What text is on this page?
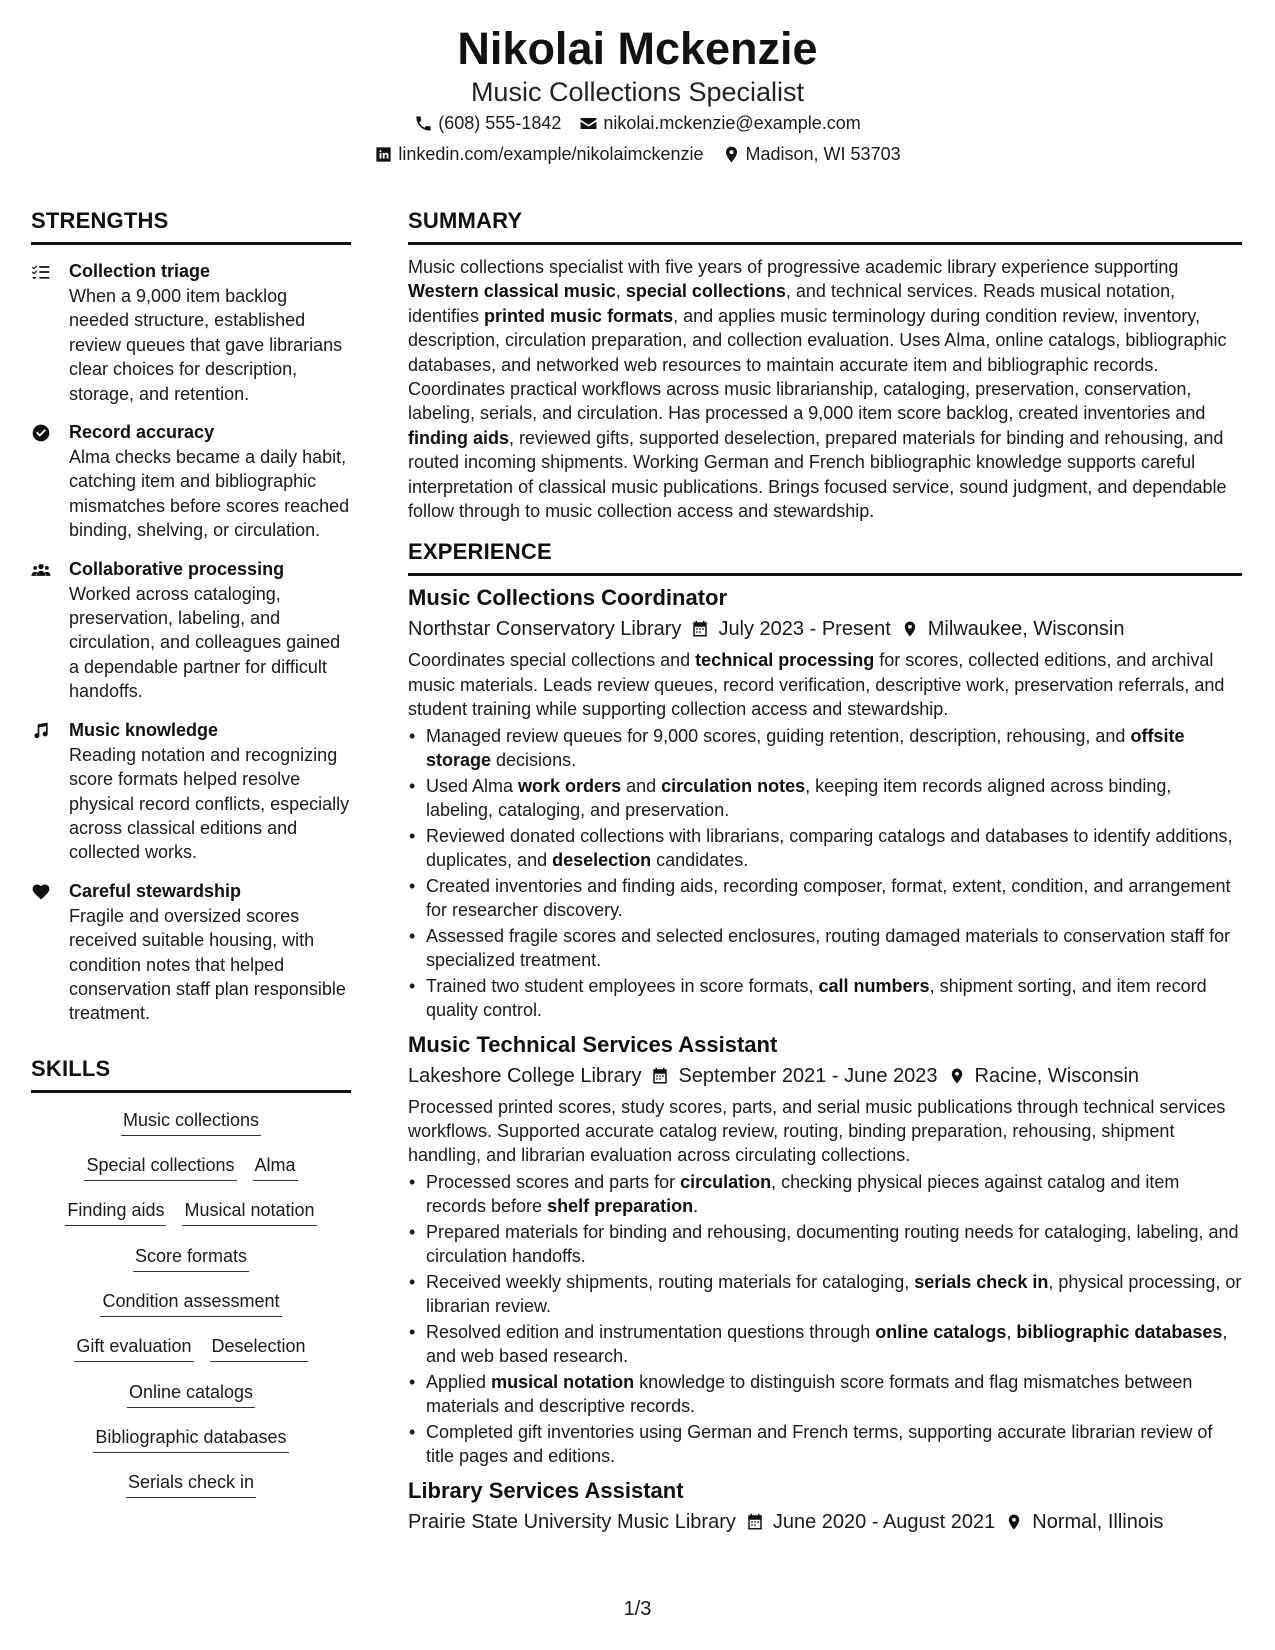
Nikolai Mckenzie
Music Collections Specialist
(608) 555-1842 nikolai.mckenzie@example.com
linkedin.com/example/nikolaimckenzie Madison, WI 53703
STRENGTHS
Collection triage
When a 9,000 item backlog needed structure, established review queues that gave librarians clear choices for description, storage, and retention.
Record accuracy
Alma checks became a daily habit, catching item and bibliographic mismatches before scores reached binding, shelving, or circulation.
Collaborative processing
Worked across cataloging, preservation, labeling, and circulation, and colleagues gained a dependable partner for difficult handoffs.
Music knowledge
Reading notation and recognizing score formats helped resolve physical record conflicts, especially across classical editions and collected works.
Careful stewardship
Fragile and oversized scores received suitable housing, with condition notes that helped conservation staff plan responsible treatment.
SKILLS
Music collections
Special collections Alma
Finding aids Musical notation
Score formats
Condition assessment
Gift evaluation Deselection
Online catalogs
Bibliographic databases
Serials check in
SUMMARY
Music collections specialist with five years of progressive academic library experience supporting Western classical music, special collections, and technical services. Reads musical notation, identifies printed music formats, and applies music terminology during condition review, inventory, description, circulation preparation, and collection evaluation. Uses Alma, online catalogs, bibliographic databases, and networked web resources to maintain accurate item and bibliographic records. Coordinates practical workflows across music librarianship, cataloging, preservation, conservation, labeling, serials, and circulation. Has processed a 9,000 item score backlog, created inventories and finding aids, reviewed gifts, supported deselection, prepared materials for binding and rehousing, and routed incoming shipments. Working German and French bibliographic knowledge supports careful interpretation of classical music publications. Brings focused service, sound judgment, and dependable follow through to music collection access and stewardship.
EXPERIENCE
Music Collections Coordinator
Northstar Conservatory Library July 2023 - Present Milwaukee, Wisconsin
Coordinates special collections and technical processing for scores, collected editions, and archival music materials. Leads review queues, record verification, descriptive work, preservation referrals, and student training while supporting collection access and stewardship.
• Managed review queues for 9,000 scores, guiding retention, description, rehousing, and offsite storage decisions.
• Used Alma work orders and circulation notes, keeping item records aligned across binding, labeling, cataloging, and preservation.
• Reviewed donated collections with librarians, comparing catalogs and databases to identify additions, duplicates, and deselection candidates.
• Created inventories and finding aids, recording composer, format, extent, condition, and arrangement for researcher discovery.
• Assessed fragile scores and selected enclosures, routing damaged materials to conservation staff for specialized treatment.
• Trained two student employees in score formats, call numbers, shipment sorting, and item record quality control.
Music Technical Services Assistant
Lakeshore College Library September 2021 - June 2023 Racine, Wisconsin
Processed printed scores, study scores, parts, and serial music publications through technical services workflows. Supported accurate catalog review, routing, binding preparation, rehousing, shipment handling, and librarian evaluation across circulating collections.
• Processed scores and parts for circulation, checking physical pieces against catalog and item records before shelf preparation.
• Prepared materials for binding and rehousing, documenting routing needs for cataloging, labeling, and circulation handoffs.
• Received weekly shipments, routing materials for cataloging, serials check in, physical processing, or librarian review.
• Resolved edition and instrumentation questions through online catalogs, bibliographic databases, and web based research.
• Applied musical notation knowledge to distinguish score formats and flag mismatches between materials and descriptive records.
• Completed gift inventories using German and French terms, supporting accurate librarian review of title pages and editions.
Library Services Assistant
Prairie State University Music Library June 2020 - August 2021 Normal, Illinois
1/3
